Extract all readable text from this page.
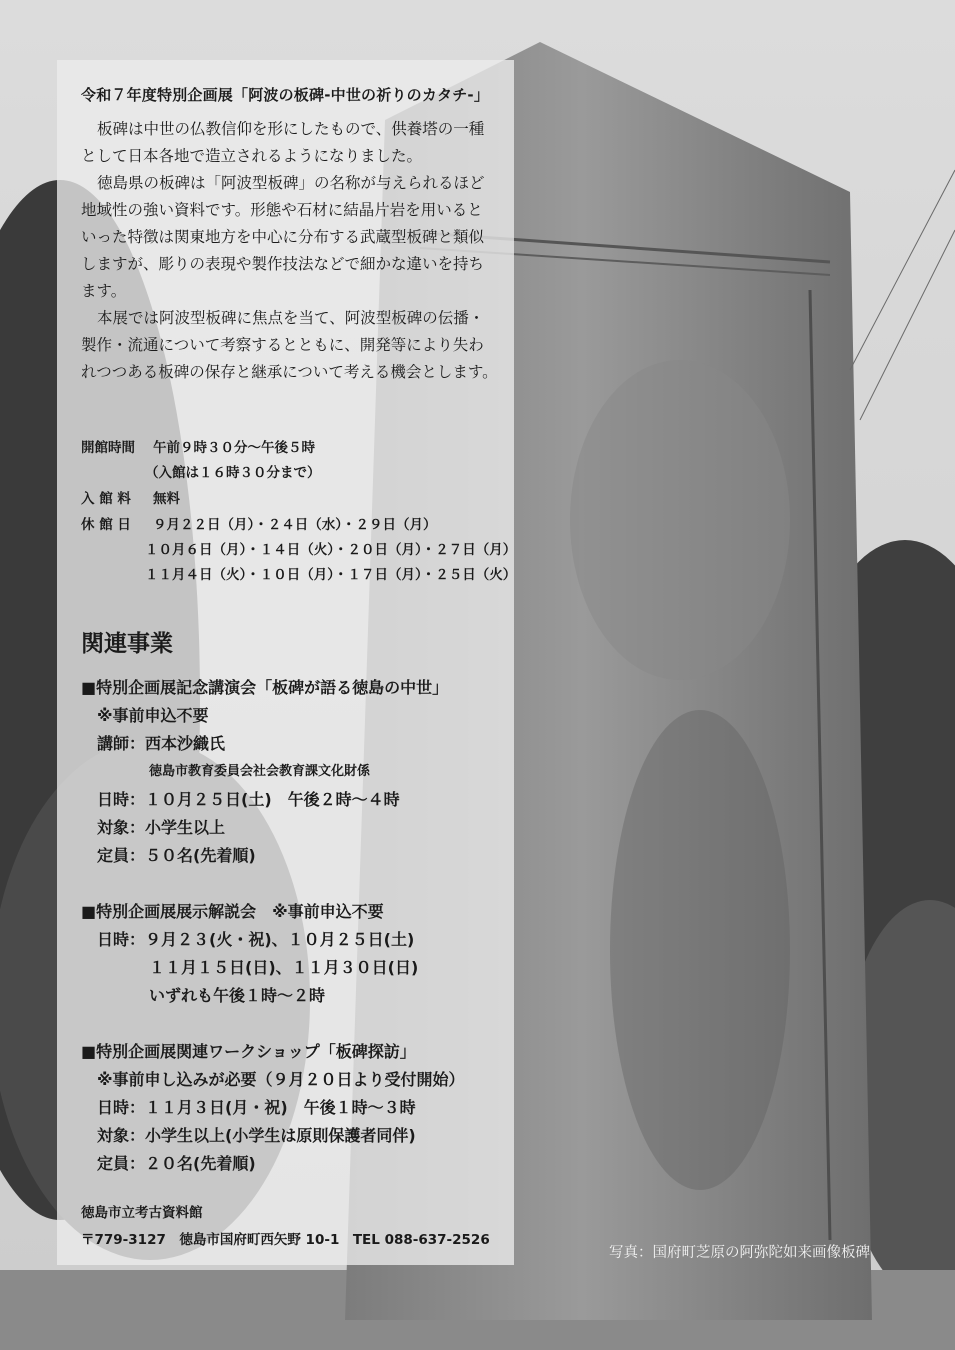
令和７年度特別企画展「阿波の板碑‐中世の祈りのカタチ‐」

板碑は中世の仏教信仰を形にしたもので、供養塔の一種

として日本各地で造立されるようになりました。

徳島県の板碑は「阿波型板碑」の名称が与えられるほど

地域性の強い資料です。形態や石材に結晶片岩を用いると

いった特徴は関東地方を中心に分布する武蔵型板碑と類似

しますが、彫りの表現や製作技法などで細かな違いを持ち

ます。

本展では阿波型板碑に焦点を当て、阿波型板碑の伝播・

製作・流通について考察するとともに、開発等により失わ

れつつある板碑の保存と継承について考える機会とします。

開館時間 午前９時３０分〜午後５時
（入館は１６時３０分まで）
入 館 料 無料
休 館 日 ９月２２日（月）・２４日（水）・２９日（月）
１０月６日（月）・１４日（火）・２０日（月）・２７日（月）
１１月４日（火）・１０日（月）・１７日（月）・２５日（火）
関連事業
■特別企画展記念講演会「板碑が語る徳島の中世」
※事前申込不要
講師：西本沙織氏
徳島市教育委員会社会教育課文化財係
日時：１０月２５日(土)　午後２時〜４時
対象：小学生以上
定員：５０名(先着順)
■特別企画展展示解説会　※事前申込不要
日時：９月２３(火・祝)、１０月２５日(土)
１１月１５日(日)、１１月３０日(日)
いずれも午後１時〜２時
■特別企画展関連ワークショップ「板碑探訪」
※事前申し込みが必要（９月２０日より受付開始）
日時：１１月３日(月・祝)　午後１時〜３時
対象：小学生以上(小学生は原則保護者同伴)
定員：２０名(先着順)
徳島市立考古資料館
〒779-3127　徳島市国府町西矢野 10-1　TEL 088-637-2526
写真：国府町芝原の阿弥陀如来画像板碑
